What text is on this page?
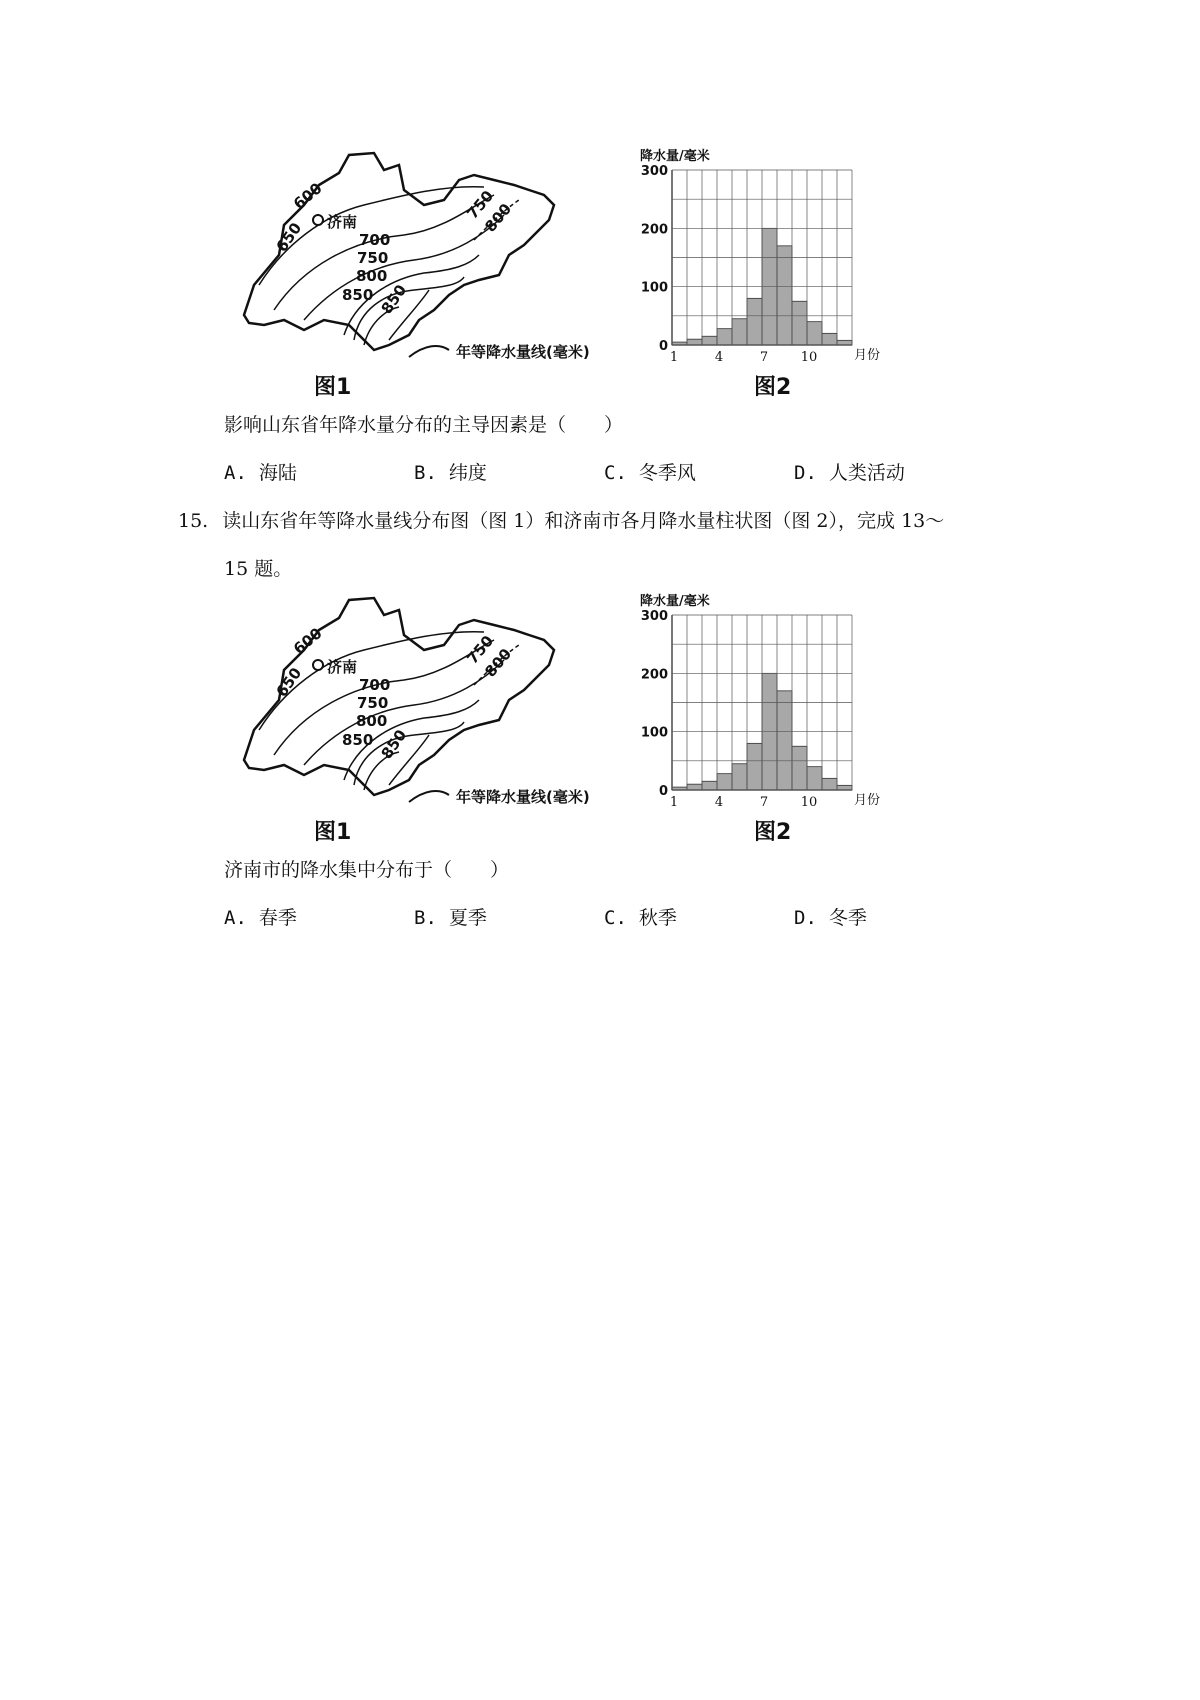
600
650	700
750
800
850
750
800
850
济南
年等降水量线(毫米)
300
200
100
0
1	4	7	10
降水量/毫米
月份
图1	图2
影响山东省年降水量分布的主导因素是（　　）
A. 海陆	B. 纬度	C. 冬季风	D. 人类活动
15. 读山东省年等降水量线分布图（图 1）和济南市各月降水量柱状图（图 2），完成 13～
15 题。
600
650	700
750
800
850
750
800
850
济南
年等降水量线(毫米)
300
200
100
0
1	4	7	10
降水量/毫米
月份
图1	图2
济南市的降水集中分布于（　　）
A. 春季	B. 夏季	C. 秋季	D. 冬季
